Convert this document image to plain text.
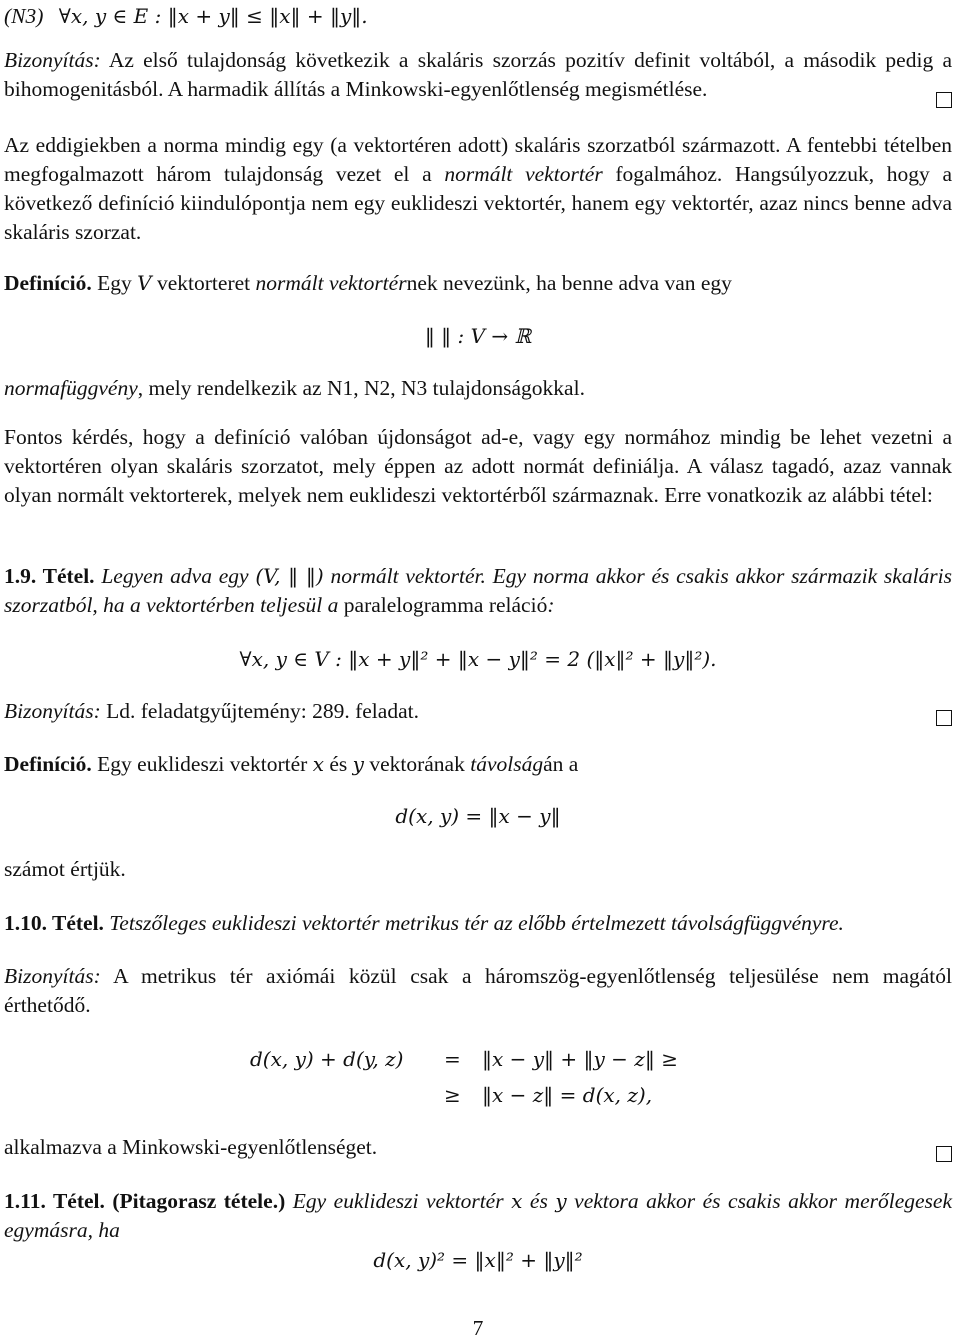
(N3) ∀x, y ∈ E : ‖x + y‖ ≤ ‖x‖ + ‖y‖.

Bizonyítás: Az első tulajdonság következik a skaláris szorzás pozitív definit voltából, a második pedig a bihomogenitásból. A harmadik állítás a Minkowski-egyenlőtlenség megismétlése.

Az eddigiekben a norma mindig egy (a vektortéren adott) skaláris szorzatból származott. A fentebbi tételben megfogalmazott három tulajdonság vezet el a normált vektortér fogalmához. Hangsúlyozzuk, hogy a következő definíció kiindulópontja nem egy euklideszi vektortér, hanem egy vektortér, azaz nincs benne adva skaláris szorzat.

Definíció. Egy V vektorteret normált vektortérnek nevezünk, ha benne adva van egy

‖ ‖ : V → ℝ

normafüggvény, mely rendelkezik az N1, N2, N3 tulajdonságokkal.

Fontos kérdés, hogy a definíció valóban újdonságot ad-e, vagy egy normához mindig be lehet vezetni a vektortéren olyan skaláris szorzatot, mely éppen az adott normát definiálja. A válasz tagadó, azaz vannak olyan normált vektorterek, melyek nem euklideszi vektortérből származnak. Erre vonatkozik az alábbi tétel:

1.9. Tétel. Legyen adva egy (V, ‖ ‖) normált vektortér. Egy norma akkor és csakis akkor származik skaláris szorzatból, ha a vektortérben teljesül a paralelogramma reláció:

∀x, y ∈ V : ‖x + y‖² + ‖x − y‖² = 2 (‖x‖² + ‖y‖²).

Bizonyítás: Ld. feladatgyűjtemény: 289. feladat.

Definíció. Egy euklideszi vektortér x és y vektorának távolságán a

d(x, y) = ‖x − y‖

számot értjük.

1.10. Tétel. Tetszőleges euklideszi vektortér metrikus tér az előbb értelmezett távolságfüggvényre.

Bizonyítás: A metrikus tér axiómái közül csak a háromszög-egyenlőtlenség teljesülése nem magától érthetődő.

d(x, y) + d(y, z) = ‖x − y‖ + ‖y − z‖ ≥
≥ ‖x − z‖ = d(x, z),

alkalmazva a Minkowski-egyenlőtlenséget.

1.11. Tétel. (Pitagorasz tétele.) Egy euklideszi vektortér x és y vektora akkor és csakis akkor merőlegesek egymásra, ha

d(x, y)² = ‖x‖² + ‖y‖²
7
